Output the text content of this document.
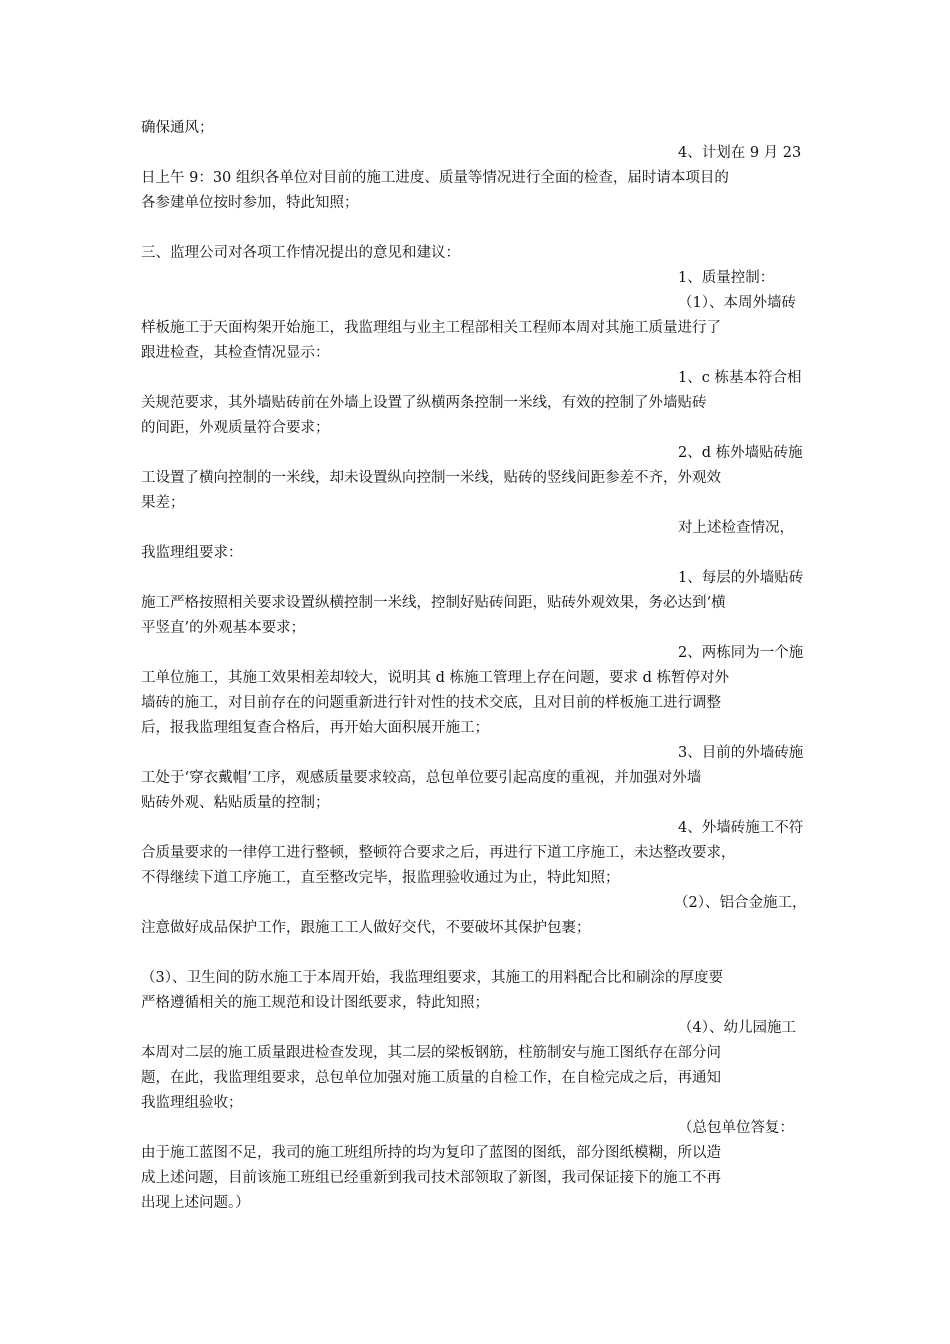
确保通风；
4、计划在 9 月 23
日上午 9：30 组织各单位对目前的施工进度、质量等情况进行全面的检查，届时请本项目的
各参建单位按时参加，特此知照；
三、监理公司对各项工作情况提出的意见和建议：
1、质量控制：
（1）、本周外墙砖
样板施工于天面构架开始施工，我监理组与业主工程部相关工程师本周对其施工质量进行了
跟进检查，其检查情况显示：
1、c 栋基本符合相
关规范要求，其外墙贴砖前在外墙上设置了纵横两条控制一米线，有效的控制了外墙贴砖
的间距，外观质量符合要求；
2、d 栋外墙贴砖施
工设置了横向控制的一米线，却未设置纵向控制一米线，贴砖的竖线间距参差不齐，外观效
果差；
对上述检查情况，
我监理组要求：
1、每层的外墙贴砖
施工严格按照相关要求设置纵横控制一米线，控制好贴砖间距，贴砖外观效果，务必达到‘横
平竖直’的外观基本要求；
2、两栋同为一个施
工单位施工，其施工效果相差却较大，说明其 d 栋施工管理上存在问题，要求 d 栋暂停对外
墙砖的施工，对目前存在的问题重新进行针对性的技术交底，且对目前的样板施工进行调整
后，报我监理组复查合格后，再开始大面积展开施工；
3、目前的外墙砖施
工处于‘穿衣戴帽’工序，观感质量要求较高，总包单位要引起高度的重视，并加强对外墙
贴砖外观、粘贴质量的控制；
4、外墙砖施工不符
合质量要求的一律停工进行整顿，整顿符合要求之后，再进行下道工序施工，未达整改要求，
不得继续下道工序施工，直至整改完毕，报监理验收通过为止，特此知照；
（2）、铝合金施工，
注意做好成品保护工作，跟施工工人做好交代，不要破坏其保护包裹；
（3）、卫生间的防水施工于本周开始，我监理组要求，其施工的用料配合比和刷涂的厚度要
严格遵循相关的施工规范和设计图纸要求，特此知照；
（4）、幼儿园施工
本周对二层的施工质量跟进检查发现，其二层的梁板钢筋，柱筋制安与施工图纸存在部分问
题，在此，我监理组要求，总包单位加强对施工质量的自检工作，在自检完成之后，再通知
我监理组验收；
（总包单位答复：
由于施工蓝图不足，我司的施工班组所持的均为复印了蓝图的图纸，部分图纸模糊，所以造
成上述问题，目前该施工班组已经重新到我司技术部领取了新图，我司保证接下的施工不再
出现上述问题。）
